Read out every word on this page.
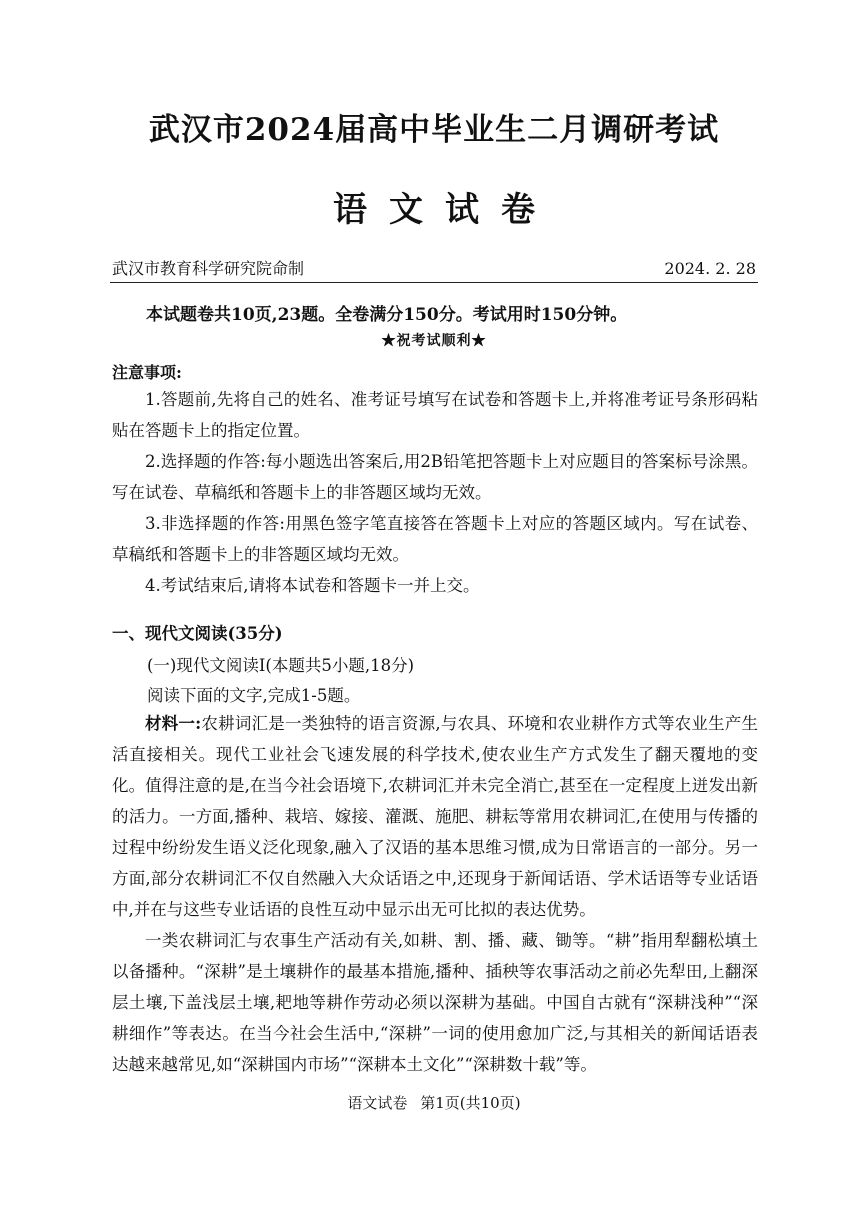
武汉市2024届高中毕业生二月调研考试
语文试卷
武汉市教育科学研究院命制	2024. 2. 28
本试题卷共10页,23题。全卷满分150分。考试用时150分钟。
★祝考试顺利★
注意事项:

1.答题前,先将自己的姓名、准考证号填写在试卷和答题卡上,并将准考证号条形码粘贴在答题卡上的指定位置。

2.选择题的作答:每小题选出答案后,用2B铅笔把答题卡上对应题目的答案标号涂黑。写在试卷、草稿纸和答题卡上的非答题区域均无效。

3.非选择题的作答:用黑色签字笔直接答在答题卡上对应的答题区域内。写在试卷、草稿纸和答题卡上的非答题区域均无效。

4.考试结束后,请将本试卷和答题卡一并上交。

一、现代文阅读(35分)
(一)现代文阅读Ⅰ(本题共5小题,18分)
阅读下面的文字,完成1-5题。

材料一:农耕词汇是一类独特的语言资源,与农具、环境和农业耕作方式等农业生产生活直接相关。现代工业社会飞速发展的科学技术,使农业生产方式发生了翻天覆地的变化。值得注意的是,在当今社会语境下,农耕词汇并未完全消亡,甚至在一定程度上迸发出新的活力。一方面,播种、栽培、嫁接、灌溉、施肥、耕耘等常用农耕词汇,在使用与传播的过程中纷纷发生语义泛化现象,融入了汉语的基本思维习惯,成为日常语言的一部分。另一方面,部分农耕词汇不仅自然融入大众话语之中,还现身于新闻话语、学术话语等专业话语中,并在与这些专业话语的良性互动中显示出无可比拟的表达优势。

一类农耕词汇与农事生产活动有关,如耕、割、播、藏、锄等。“耕”指用犁翻松填土以备播种。“深耕”是土壤耕作的最基本措施,播种、插秧等农事活动之前必先犁田,上翻深层土壤,下盖浅层土壤,耙地等耕作劳动必须以深耕为基础。中国自古就有“深耕浅种”“深耕细作”等表达。在当今社会生活中,“深耕”一词的使用愈加广泛,与其相关的新闻话语表达越来越常见,如“深耕国内市场”“深耕本土文化”“深耕数十载”等。

语文试卷 第1页(共10页)
